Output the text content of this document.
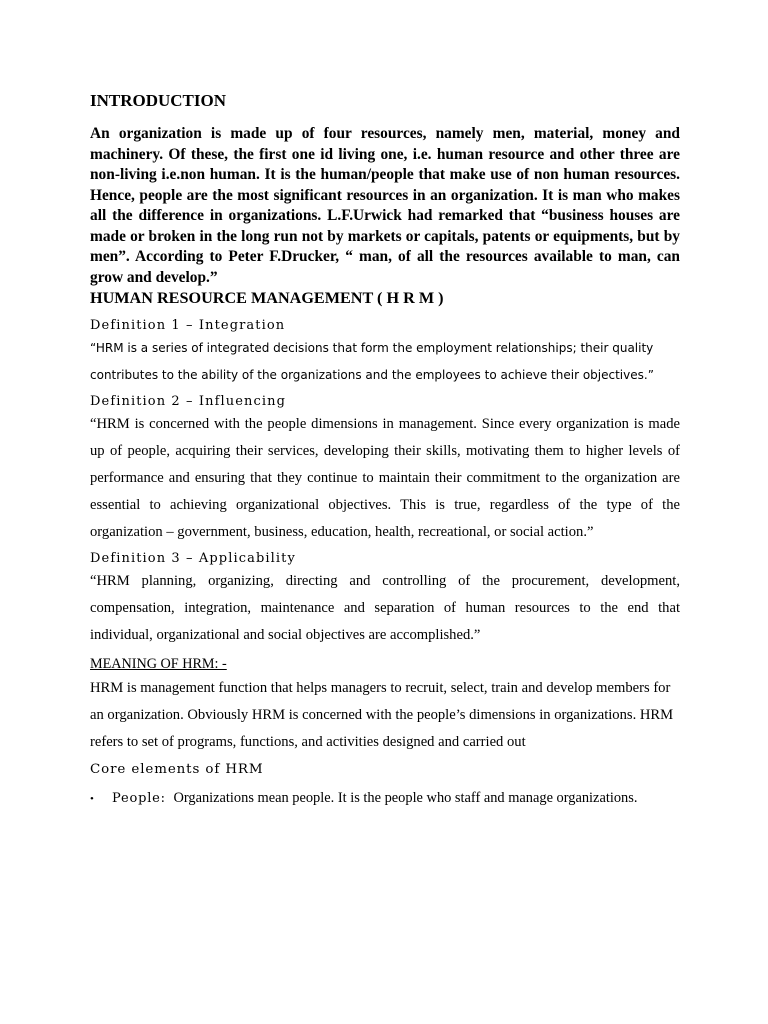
INTRODUCTION

An organization is made up of four resources, namely men, material, money and machinery. Of these, the first one id living one, i.e. human resource and other three are non-living i.e.non human. It is the human/people that make use of non human resources. Hence, people are the most significant resources in an organization. It is man who makes all the difference in organizations. L.F.Urwick had remarked that “business houses are made or broken in the long run not by markets or capitals, patents or equipments, but by men”. According to Peter F.Drucker, “ man, of all the resources available to man, can grow and develop.”

HUMAN RESOURCE MANAGEMENT ( H R M )
Definition 1 – Integration

“HRM is a series of integrated decisions that form the employment relationships; their quality
contributes to the ability of the organizations and the employees to achieve their objectives.”

Definition 2 – Influencing

“HRM is concerned with the people dimensions in management. Since every organization is made up of people, acquiring their services, developing their skills, motivating them to higher levels of performance and ensuring that they continue to maintain their commitment to the organization are essential to achieving organizational objectives. This is true, regardless of the type of the organization – government, business, education, health, recreational, or social action.”

Definition 3 – Applicability

“HRM planning, organizing, directing and controlling of the procurement, development, compensation, integration, maintenance and separation of human resources to the end that individual, organizational and social objectives are accomplished.”

MEANING OF HRM: -

HRM is management function that helps managers to recruit, select, train and develop members for an organization. Obviously HRM is concerned with the people’s dimensions in organizations. HRM refers to set of programs, functions, and activities designed and carried out

Core elements of HRM
•	People: Organizations mean people. It is the people who staff and manage organizations.
